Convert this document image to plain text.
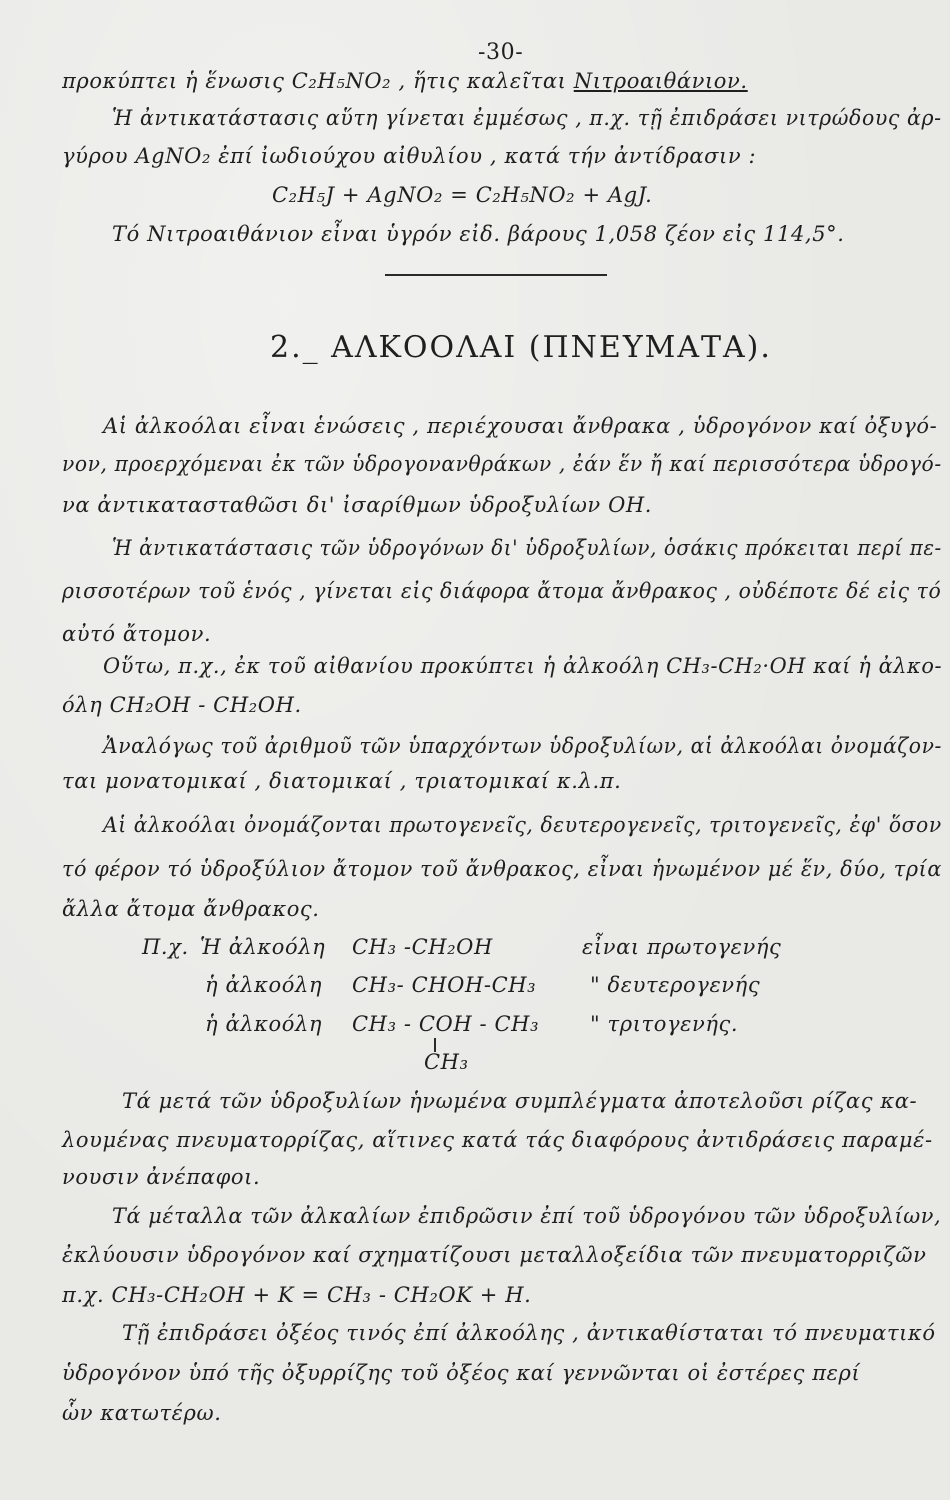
-30-
προκύπτει ἡ ἕνωσις C₂H₅NO₂ , ἥτις καλεῖται Νιτροαιθάνιον.
Ἡ ἀντικατάστασις αὕτη γίνεται ἐμμέσως , π.χ. τῇ ἐπιδράσει νιτρώδους ἀρ-
γύρου AgNO₂ ἐπί ἰωδιούχου αἰθυλίου , κατά τήν ἀντίδρασιν :
C₂H₅J + AgNO₂ = C₂H₅NO₂ + AgJ.
Τό Νιτροαιθάνιον εἶναι ὑγρόν εἰδ. βάρους 1,058 ζέον εἰς 114,5°.
2._ ΑΛΚΟΟΛΑΙ (ΠΝΕΥΜΑΤΑ).
Αἱ ἀλκοόλαι εἶναι ἑνώσεις , περιέχουσαι ἄνθρακα , ὑδρογόνον καί ὀξυγό-
νον, προερχόμεναι ἐκ τῶν ὑδρογονανθράκων , ἐάν ἕν ἤ καί περισσότερα ὑδρογό-
να ἀντικατασταθῶσι δι' ἰσαρίθμων ὑδροξυλίων OH.
Ἡ ἀντικατάστασις τῶν ὑδρογόνων δι' ὑδροξυλίων, ὁσάκις πρόκειται περί πε-
ρισσοτέρων τοῦ ἑνός , γίνεται εἰς διάφορα ἄτομα ἄνθρακος , οὐδέποτε δέ εἰς τό
αὐτό ἄτομον.
Οὕτω, π.χ., ἐκ τοῦ αἰθανίου προκύπτει ἡ ἀλκοόλη CH₃-CH₂·OH καί ἡ ἀλκο-
όλη CH₂OH - CH₂OH.
Ἀναλόγως τοῦ ἀριθμοῦ τῶν ὑπαρχόντων ὑδροξυλίων, αἱ ἀλκοόλαι ὀνομάζον-
ται μονατομικαί , διατομικαί , τριατομικαί κ.λ.π.
Αἱ ἀλκοόλαι ὀνομάζονται πρωτογενεῖς, δευτερογενεῖς, τριτογενεῖς, ἐφ' ὅσον
τό φέρον τό ὑδροξύλιον ἄτομον τοῦ ἄνθρακος, εἶναι ἡνωμένον μέ ἕν, δύο, τρία
ἄλλα ἄτομα ἄνθρακος.
Π.χ. Ἡ ἀλκοόλη CH₃ -CH₂OH	εἶναι πρωτογενής
ἡ ἀλκοόλη CH₃- CHOH-CH₃	" δευτερογενής
ἡ ἀλκοόλη CH₃ - COH - CH₃ " τριτογενής.
CH₃
Τά μετά τῶν ὑδροξυλίων ἡνωμένα συμπλέγματα ἀποτελοῦσι ρίζας κα-
λουμένας πνευματορρίζας, αἵτινες κατά τάς διαφόρους ἀντιδράσεις παραμέ-
νουσιν ἀνέπαφοι.
Τά μέταλλα τῶν ἀλκαλίων ἐπιδρῶσιν ἐπί τοῦ ὑδρογόνου τῶν ὑδροξυλίων,
ἐκλύουσιν ὑδρογόνον καί σχηματίζουσι μεταλλοξείδια τῶν πνευματορριζῶν
π.χ. CH₃-CH₂OH + K = CH₃ - CH₂OK + H.
Τῇ ἐπιδράσει ὀξέος τινός ἐπί ἀλκοόλης , ἀντικαθίσταται τό πνευματικό
ὑδρογόνον ὑπό τῆς ὀξυρρίζης τοῦ ὀξέος καί γεννῶνται οἱ ἐστέρες περί
ὧν κατωτέρω.
